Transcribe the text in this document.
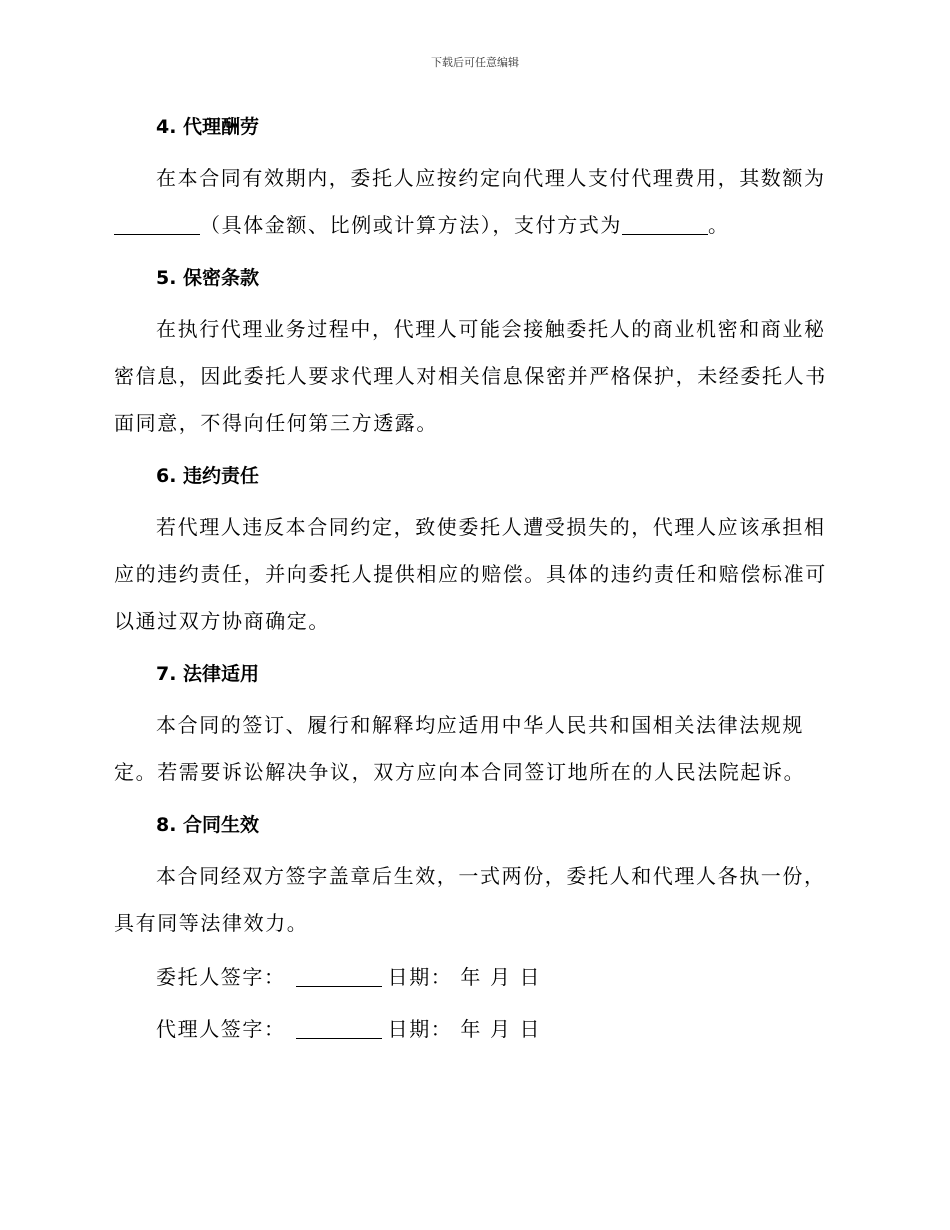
下载后可任意编辑
4. 代理酬劳

在本合同有效期内，委托人应按约定向代理人支付代理费用，其数额为（具体金额、比例或计算方法），支付方式为	。

5. 保密条款

在执行代理业务过程中，代理人可能会接触委托人的商业机密和商业秘密信息，因此委托人要求代理人对相关信息保密并严格保护，未经委托人书面同意，不得向任何第三方透露。

6. 违约责任

若代理人违反本合同约定，致使委托人遭受损失的，代理人应该承担相应的违约责任，并向委托人提供相应的赔偿。具体的违约责任和赔偿标准可以通过双方协商确定。

7. 法律适用

本合同的签订、履行和解释均应适用中华人民共和国相关法律法规规定。若需要诉讼解决争议，双方应向本合同签订地所在的人民法院起诉。

8. 合同生效

本合同经双方签字盖章后生效，一式两份，委托人和代理人各执一份，具有同等法律效力。

委托人签字：	日期： 年 月 日

代理人签字：	日期： 年 月 日
